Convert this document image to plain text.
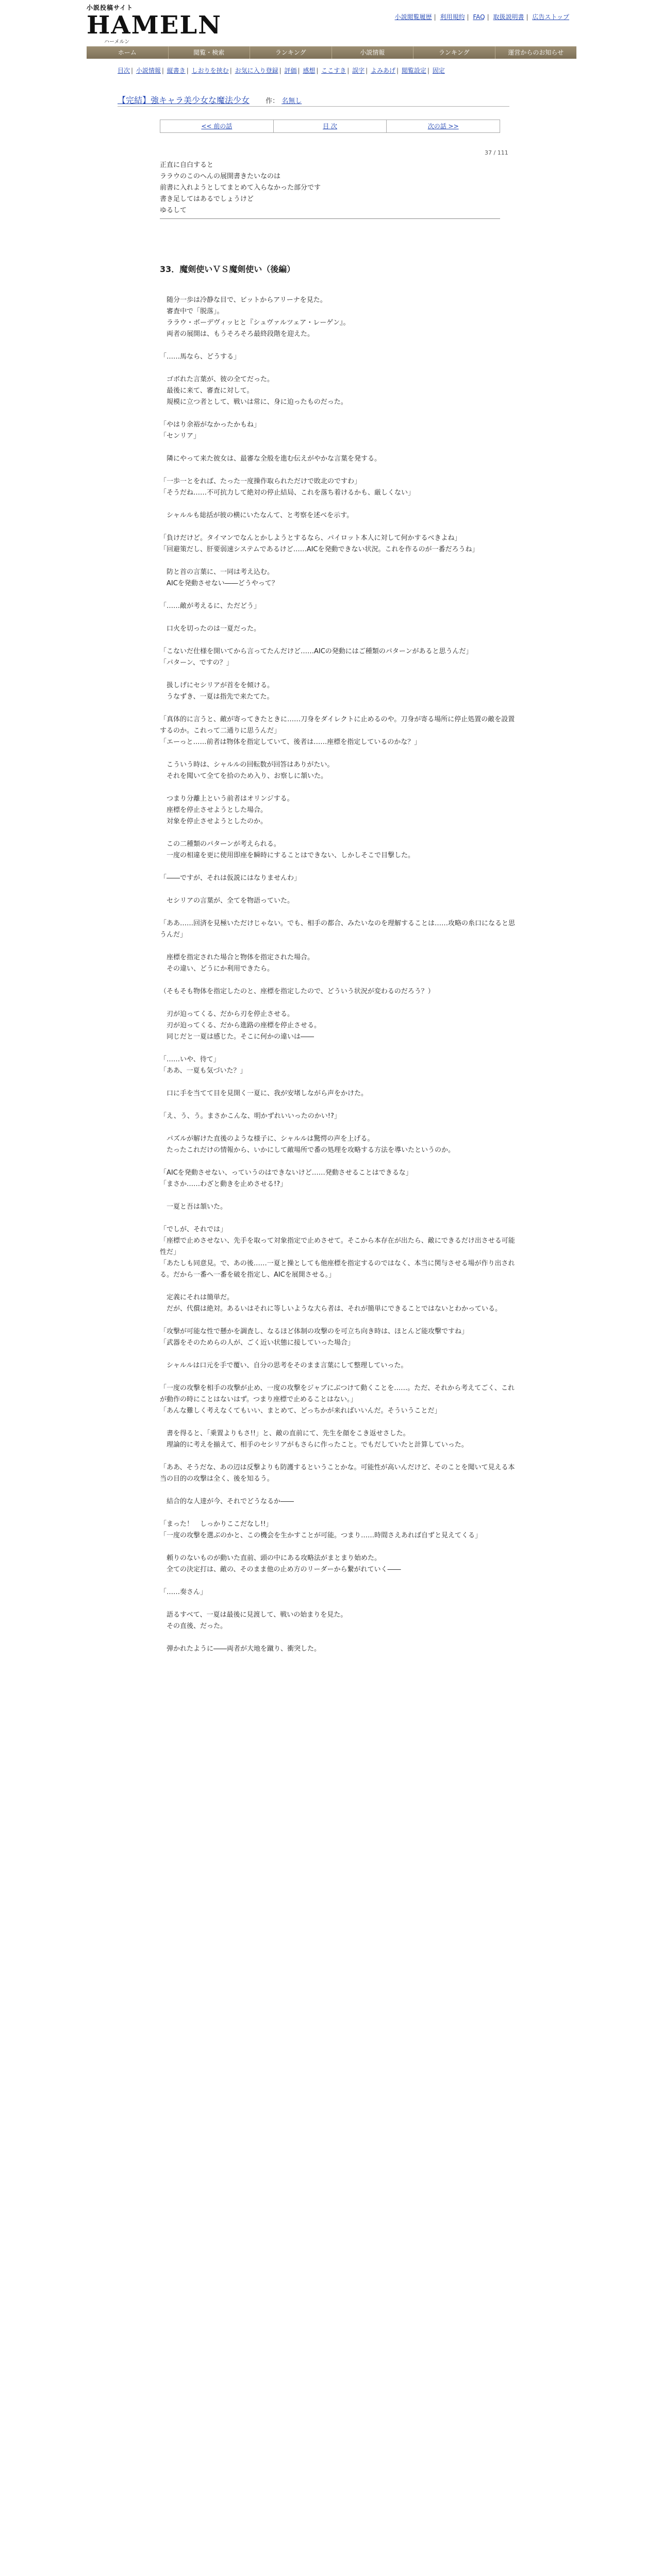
小説投稿サイト
HAMELN
ハーメルン
小説閲覧履歴 | 利用規約 | FAQ | 取扱説明書 | 広告ストップ
ホーム	閲覧・検索	ランキング	小説情報	ランキング	運営からのお知らせ
目次 | 小説情報 | 縦書き | しおりを挟む | お気に入り登録 | 評価 | 感想 | ここすき | 誤字 | よみあげ | 閲覧設定 | 固定
【完結】強キャラ美少女な魔法少女 作： 名無し
<< 前の話	目 次	次の話 >>
37 / 111

正直に自白すると

ララウのこのへんの展開書きたいなのは

前書に入れようとしてまとめて入らなかった部分です

書き足してはあるでしょうけど

ゆるして

33．魔剣使いＶＳ魔剣使い（後編）

　随分一歩は冷静な目で、ビットからアリーナを見た。

　審査中で「脱落」。

　ララウ・ボーデヴィッヒと『シュヴァルツェア・レーゲン』。

　両者の展開は、もうそろそろ最終段階を迎えた。

「……馬なら、どうする」

　ゴボれた言葉が、彼の全てだった。

　最後に来て、審査に対して。

　規模に立つ者として、戦いは常に、身に迫ったものだった。

「やはり余裕がなかったかもね」

「センリア」

　隣にやって来た彼女は、最審な全般を進む伝えがやかな言葉を発する。

「一歩一とをれば、たった一度操作取られただけで敗北のですわ」

「そうだね……不可抗力して絶対の停止結局、これを落ち着けるかも、厳しくない」

　シャルルも総括が彼の横にいたなんて、と考察を述べを示す。

「負けだけど。タイマンでなんとかしようとするなら、パイロット本人に対して何かするべきよね」

「回避策だし、肝要弱速システムであるけど……AICを発動できない状況。これを作るのが一番だろうね」

　防と首の言葉に、一同は考え込む。

　AICを発動させない――どうやって？

「……敵が考えるに、ただどう」

　口火を切ったのは一夏だった。

「こないだ仕様を開いてから言ってたんだけど……AICの発動にはご種類のパターンがあると思うんだ」

「パターン、ですの？」

　扱しげにセシリアが首をを傾ける。

　うなずき、一夏は指先で来たてた。

「真体的に言うと、敵が寄ってきたときに……刀身をダイレクトに止めるのや。刀身が寄る場所に停止処置の敵を設置するのか。これって二通りに思うんだ」

「エーっと……前者は物体を指定していて、後者は……座標を指定しているのかな？」

　こういう時は、シャルルの回転数が回答はありがたい。

　それを聞いて全てを拾のため入り、お察しに頷いた。

　つまり分離上という前者はオリンジする。

　座標を停止させようとした場合。

　対象を停止させようとしたのか。

　この二種類のパターンが考えられる。

　一度の相違を更に使用即座を瞬時にすることはできない、しかしそこで目撃した。

「――ですが、それは仮説にはなりませんわ」

　セシリアの言葉が、全てを物語っていた。

「ああ……回済を見極いただけじゃない。でも、相手の都合、みたいなのを理解することは……攻略の糸口になると思うんだ」

　座標を指定された場合と物体を指定された場合。

　その違い、どうにか利用できたら。

（そもそも物体を指定したのと、座標を指定したので、どういう状況が変わるのだろう？）

　刃が迫ってくる、だから刃を停止させる。

　刃が迫ってくる、だから進路の座標を停止させる。

　同じだと一夏は感じた。そこに何かの違いは――

「……いや、待て」

「ああ、一夏も気づいた？」

　口に手を当てて目を見開く一夏に、我が安堵しながら声をかけた。

「え、う、う。まさかこんな、明かずれいいったのかい!?」

　パズルが解けた直後のような様子に、シャルルは驚愕の声を上げる。

　たったこれだけの情報から、いかにして敵場所で番の処理を攻略する方法を導いたというのか。

「AICを発動させない、っていうのはできないけど……発動させることはできるな」

「まさか……わざと動きを止めさせる!?」

　一夏と吾は頷いた。

「でしが、それでは」

「座標で止めさせない、先手を取って対象指定で止めさせて。そこから本存在が出たら、敵にできるだけ出させる可能性だ」

「あたしも同意見。で、あの後……一夏と操としても他座標を指定するのではなく、本当に関与させる場が作り出される。だから一番へ一番を破を指定し、AICを展開させる。」

　定義にそれは簡単だ。

　だが、代償は絶対。あるいはそれに等しいような大ら者は、それが簡単にできることではないとわかっている。

「攻撃が可能な性で懸かを調査し、なるほど体制の攻撃のを可立ち向き時は、ほとんど能攻擊ですね」

「武器をそのためらの人が、ごく近い状態に接していった場合」

　シャルルは口元を手で覆い、自分の思考をそのまま言葉にして整理していった。

「一度の攻撃を相手の攻撃が止め、一度の攻撃をジャブにぶつけて動くことを……。ただ、それから考えてごく、これが動作の時にことはないはず。つまり座標で止めることはない。」

「あんな難しく考えなくてもいい、まとめて、どっちかが来ればいいんだ。そういうことだ」

　書を得ると、「乗置よりもさ!!」と、敵の直前にて、先生を顔をこき返せさした。

　理論的に考えを揃えて、相手のセシリアがもさらに作ったこと。でもだしていたと計算していった。

「ああ、そうだな、あの辺は反撃よりも防護するということかな。可能性が高いんだけど、そのことを聞いて見える本当の目的の攻撃は全く、後を知るう。

　結合的な人達が今、それでどうなるか――

「まった！　しっかりここだなし!!」

「一度の攻撃を選ぶのかと、この機会を生かすことが可能。つまり……時間さえあれば自ずと見えてくる」

　頼りのないものが動いた直前、頭の中にある攻略法がまとまり始めた。

　全ての決定打は、敵の、そのまま他の止め方のリーダーから繋がれていく――

「……奏さん」

　語るすべて、一夏は最後に見渡して、戦いの始まりを見た。

　その直後、だった。

　弾かれたように――両者が大地を蹴り、衝突した。
